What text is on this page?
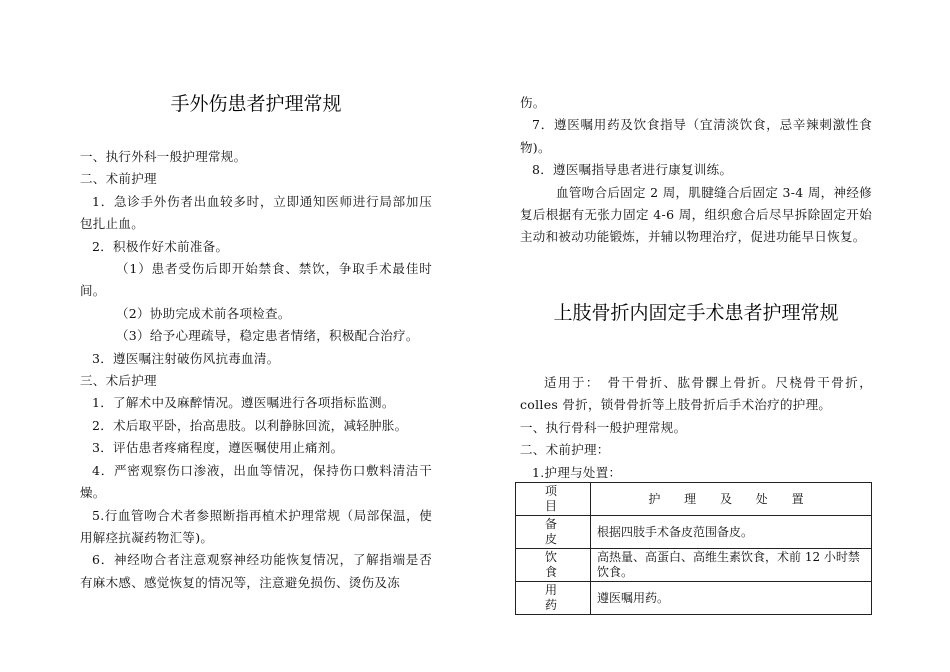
手外伤患者护理常规

一、执行外科一般护理常规。

二、术前护理

1．急诊手外伤者出血较多时，立即通知医师进行局部加压包扎止血。

2．积极作好术前准备。

（1）患者受伤后即开始禁食、禁饮，争取手术最佳时间。

（2）协助完成术前各项检查。

（3）给予心理疏导，稳定患者情绪，积极配合治疗。

3．遵医嘱注射破伤风抗毒血清。

三、术后护理

1．了解术中及麻醉情况。遵医嘱进行各项指标监测。

2．术后取平卧，抬高患肢。以利静脉回流，减轻肿胀。

3．评估患者疼痛程度，遵医嘱使用止痛剂。

4．严密观察伤口渗液，出血等情况，保持伤口敷料清洁干燥。

5.行血管吻合术者参照断指再植术护理常规（局部保温，使用解痉抗凝药物汇等)。

6．神经吻合者注意观察神经功能恢复情况，了解指端是否有麻木感、感觉恢复的情况等，注意避免损伤、烫伤及冻

伤。

7．遵医嘱用药及饮食指导（宜清淡饮食，忌辛辣刺激性食物)。

8．遵医嘱指导患者进行康复训练。

血管吻合后固定 2 周，肌腱缝合后固定 3-4 周，神经修复后根据有无张力固定 4-6 周，组织愈合后尽早拆除固定开始主动和被动功能锻炼，并辅以物理治疗，促进功能早日恢复。

上肢骨折内固定手术患者护理常规

适用于：　骨干骨折、肱骨髁上骨折。尺桡骨干骨折，colles 骨折，锁骨骨折等上肢骨折后手术治疗的护理。

一、执行骨科一般护理常规。

二、术前护理：

1.护理与处置：

项　目	护 理 及 处 置
备　皮	根据四肢手术备皮范围备皮。
饮　食	高热量、高蛋白、高维生素饮食，术前 12 小时禁饮食。
用　药	遵医嘱用药。
